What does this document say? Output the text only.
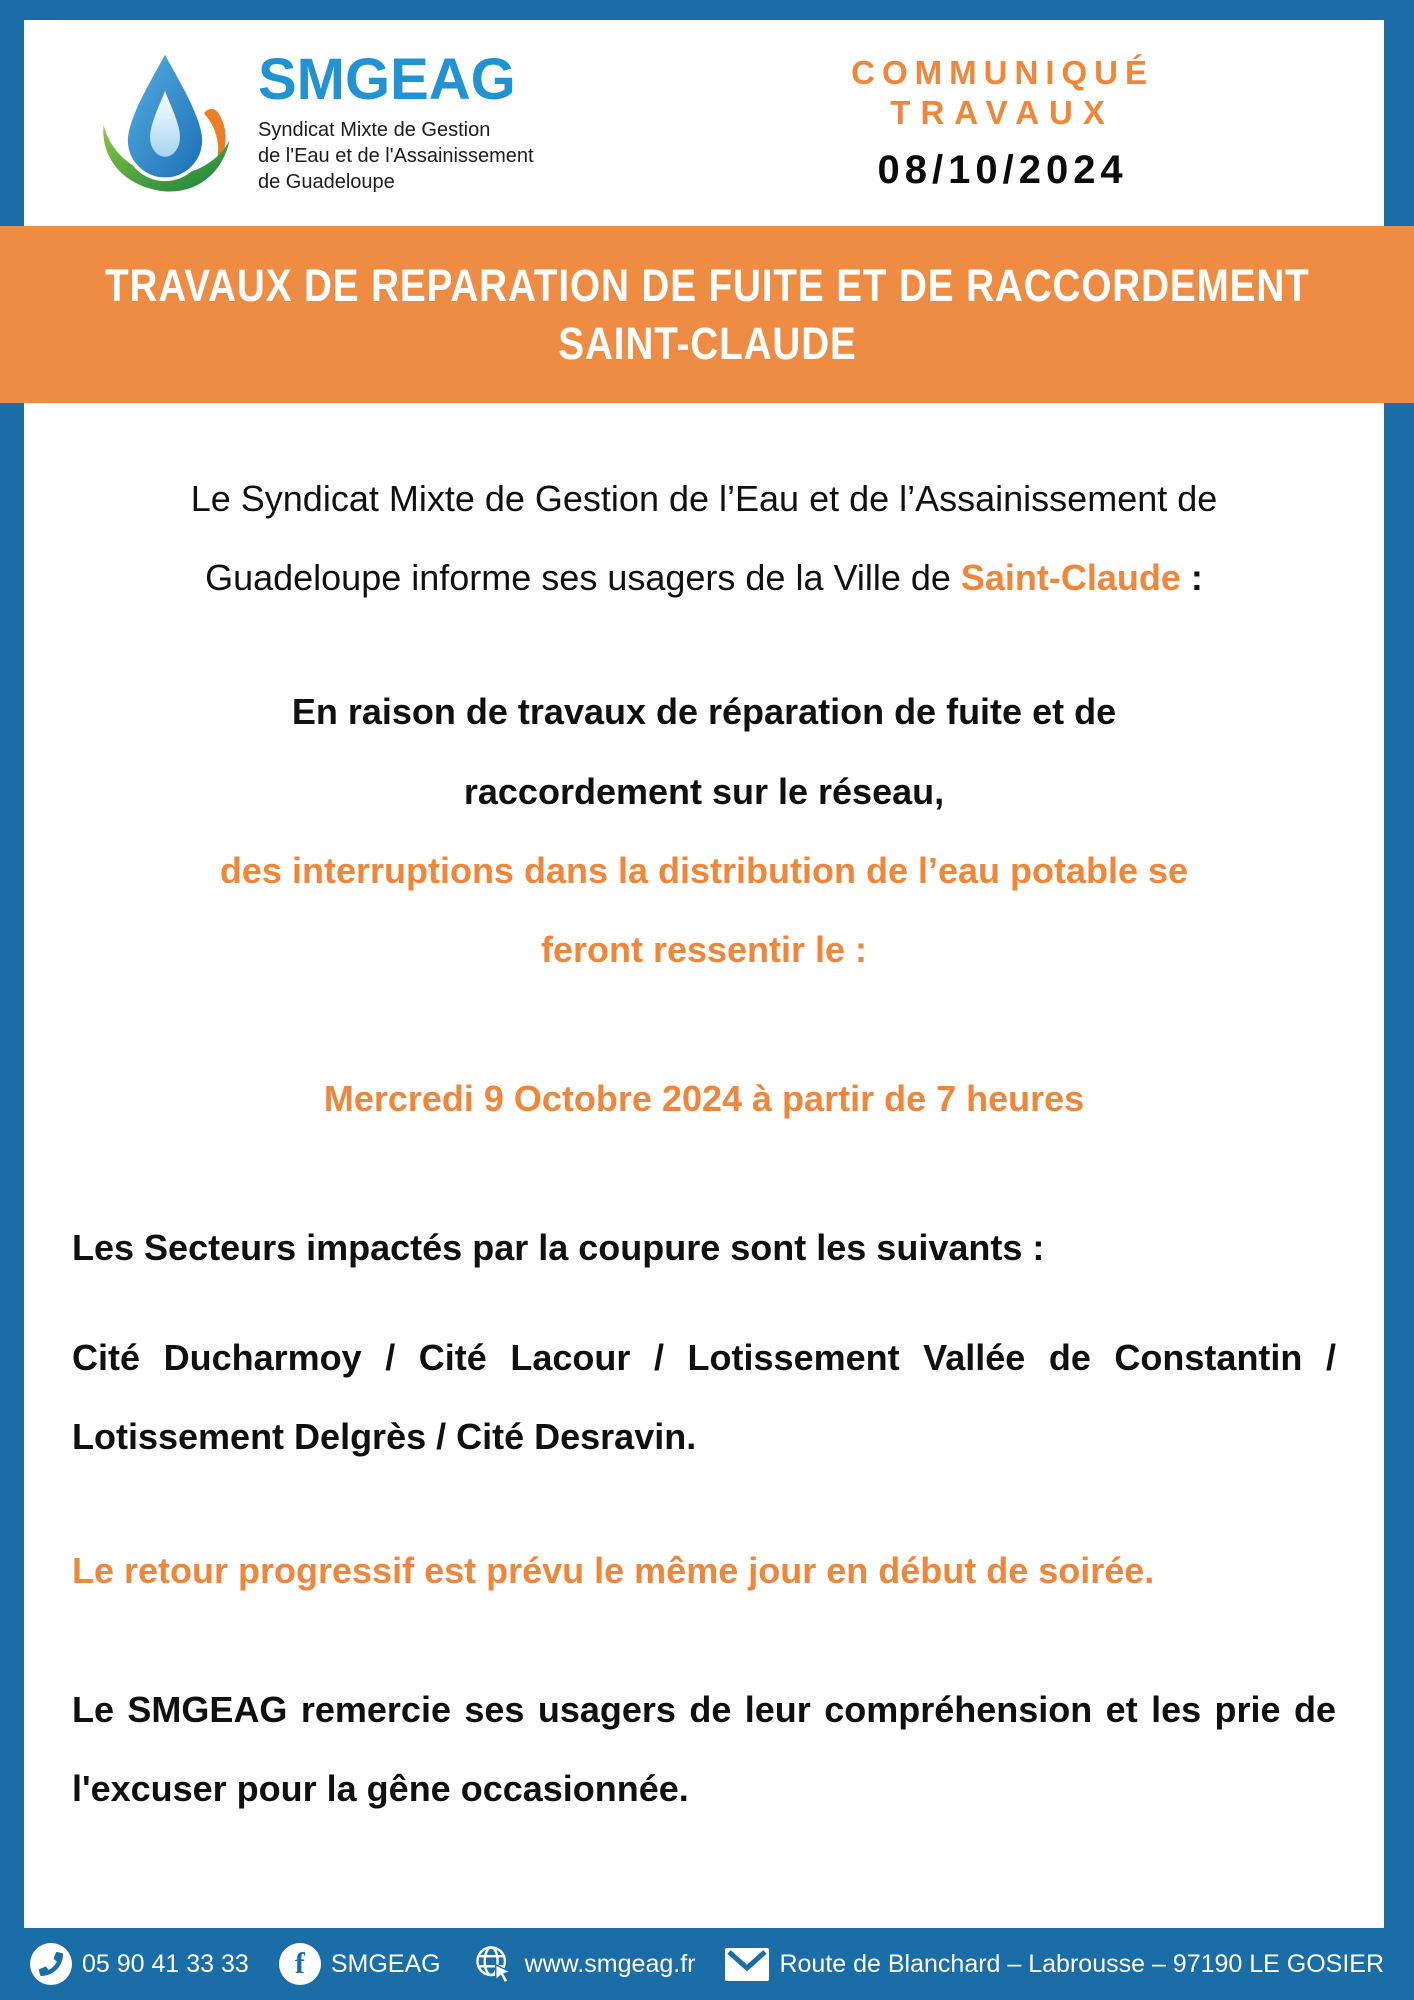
SMGEAG
Syndicat Mixte de Gestion
de l'Eau et de l'Assainissement
de Guadeloupe
COMMUNIQUÉ
TRAVAUX
08/10/2024
TRAVAUX DE REPARATION DE FUITE ET DE RACCORDEMENT
SAINT-CLAUDE

Le Syndicat Mixte de Gestion de l’Eau et de l’Assainissement de
Guadeloupe informe ses usagers de la Ville de Saint-Claude :

En raison de travaux de réparation de fuite et de
raccordement sur le réseau,
des interruptions dans la distribution de l’eau potable se
feront ressentir le :

Mercredi 9 Octobre 2024 à partir de 7 heures

Les Secteurs impactés par la coupure sont les suivants :

Cité Ducharmoy / Cité Lacour / Lotissement Vallée de Constantin / Lotissement Delgrès / Cité Desravin.

Le retour progressif est prévu le même jour en début de soirée.

Le SMGEAG remercie ses usagers de leur compréhension et les prie de l'excuser pour la gêne occasionnée.

05 90 41 33 33 f SMGEAG	www.smgeag.fr	Route de Blanchard – Labrousse – 97190 LE GOSIER
